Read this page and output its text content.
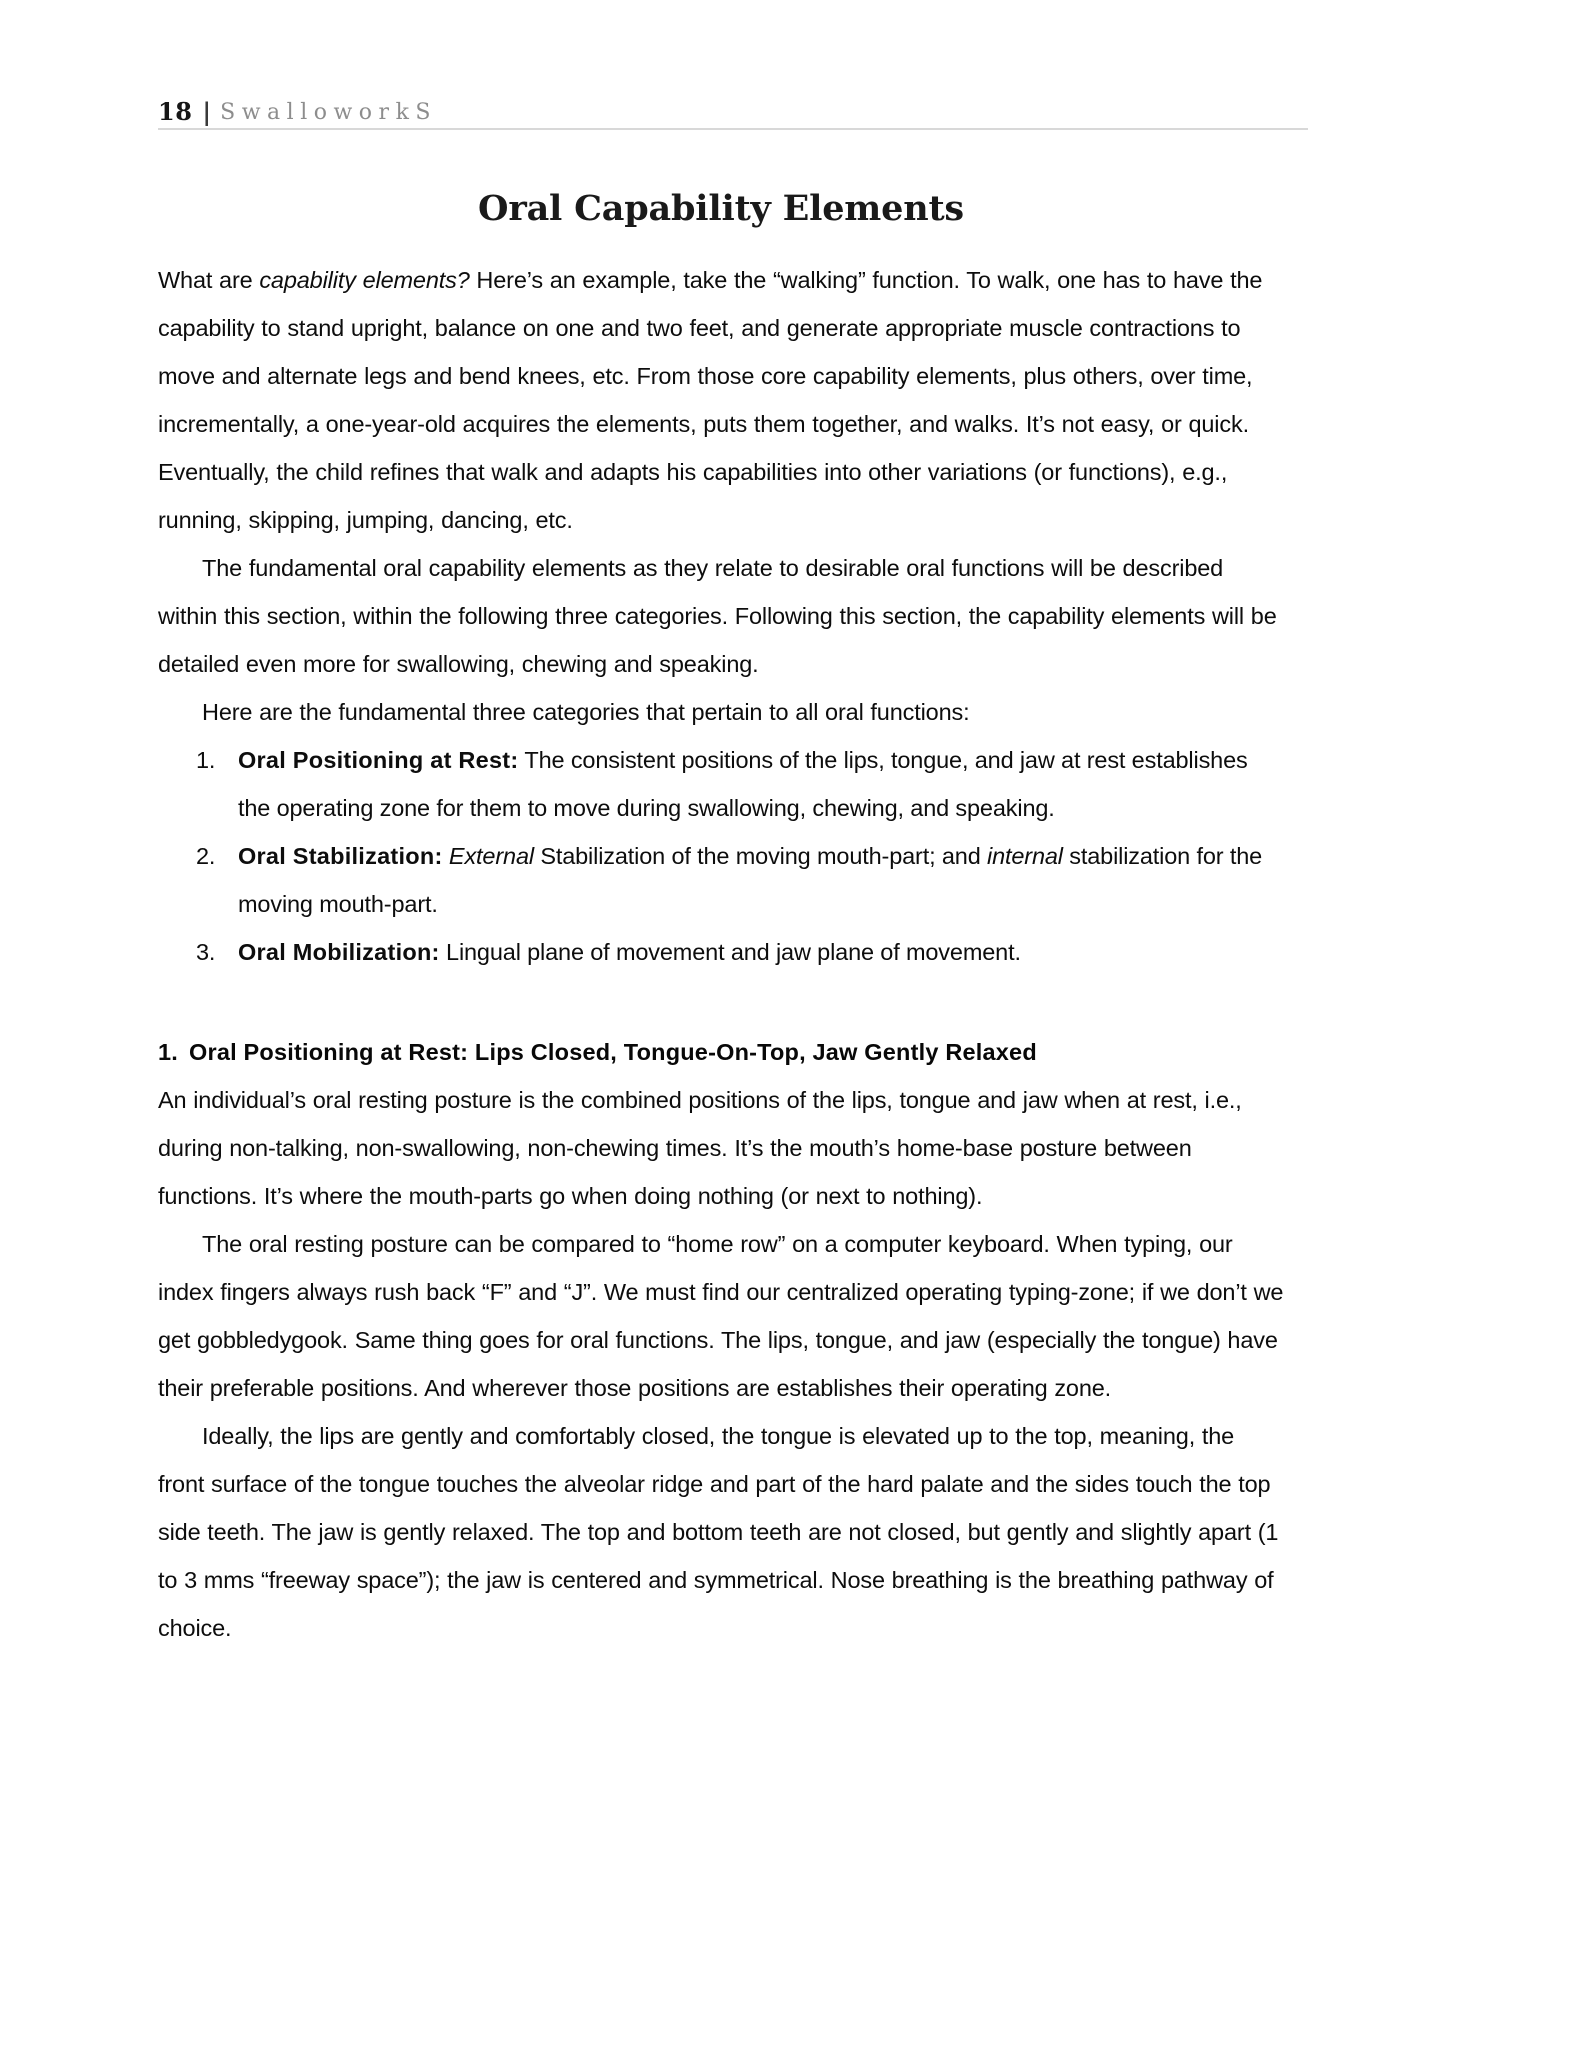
18 | SwalloworkS
Oral Capability Elements

What are capability elements? Here’s an example, take the “walking” function. To walk, one has to have the capability to stand upright, balance on one and two feet, and generate appropriate muscle contractions to move and alternate legs and bend knees, etc. From those core capability elements, plus others, over time, incrementally, a one-year-old acquires the elements, puts them together, and walks. It’s not easy, or quick. Eventually, the child refines that walk and adapts his capabilities into other variations (or functions), e.g., running, skipping, jumping, dancing, etc.

The fundamental oral capability elements as they relate to desirable oral functions will be described within this section, within the following three categories. Following this section, the capability elements will be detailed even more for swallowing, chewing and speaking.

Here are the fundamental three categories that pertain to all oral functions:

1. Oral Positioning at Rest: The consistent positions of the lips, tongue, and jaw at rest establishes the operating zone for them to move during swallowing, chewing, and speaking.
2. Oral Stabilization: External Stabilization of the moving mouth-part; and internal stabilization for the moving mouth-part.
3. Oral Mobilization: Lingual plane of movement and jaw plane of movement.

1. Oral Positioning at Rest: Lips Closed, Tongue-On-Top, Jaw Gently Relaxed

An individual’s oral resting posture is the combined positions of the lips, tongue and jaw when at rest, i.e., during non-talking, non-swallowing, non-chewing times. It’s the mouth’s home-base posture between functions. It’s where the mouth-parts go when doing nothing (or next to nothing).

The oral resting posture can be compared to “home row” on a computer keyboard. When typing, our index fingers always rush back “F” and “J”. We must find our centralized operating typing-zone; if we don’t we get gobbledygook. Same thing goes for oral functions. The lips, tongue, and jaw (especially the tongue) have their preferable positions. And wherever those positions are establishes their operating zone.

Ideally, the lips are gently and comfortably closed, the tongue is elevated up to the top, meaning, the front surface of the tongue touches the alveolar ridge and part of the hard palate and the sides touch the top side teeth. The jaw is gently relaxed. The top and bottom teeth are not closed, but gently and slightly apart (1 to 3 mms “freeway space”); the jaw is centered and symmetrical. Nose breathing is the breathing pathway of choice.
